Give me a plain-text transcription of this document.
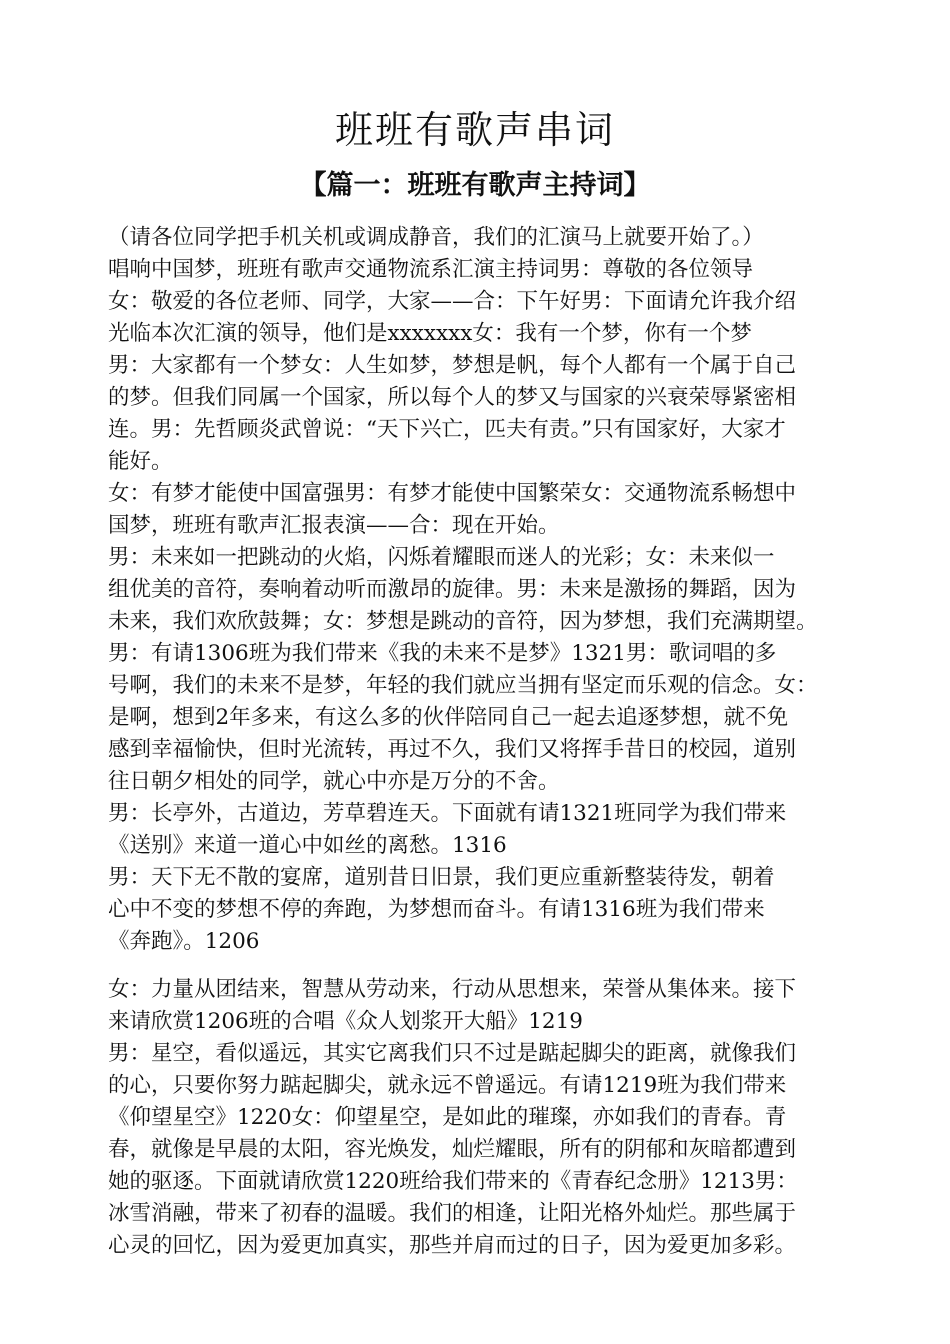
班班有歌声串词
【篇一：班班有歌声主持词】
（请各位同学把手机关机或调成静音，我们的汇演马上就要开始了。）
唱响中国梦，班班有歌声交通物流系汇演主持词男：尊敬的各位领导
女：敬爱的各位老师、同学，大家——合：下午好男：下面请允许我介绍
光临本次汇演的领导，他们是xxxxxxx女：我有一个梦，你有一个梦
男：大家都有一个梦女：人生如梦，梦想是帆，每个人都有一个属于自己
的梦。但我们同属一个国家，所以每个人的梦又与国家的兴衰荣辱紧密相
连。男：先哲顾炎武曾说：“天下兴亡，匹夫有责。”只有国家好，大家才
能好。
女：有梦才能使中国富强男：有梦才能使中国繁荣女：交通物流系畅想中
国梦，班班有歌声汇报表演——合：现在开始。
男：未来如一把跳动的火焰，闪烁着耀眼而迷人的光彩；女：未来似一
组优美的音符，奏响着动听而激昂的旋律。男：未来是激扬的舞蹈，因为
未来，我们欢欣鼓舞；女：梦想是跳动的音符，因为梦想，我们充满期望。
男：有请1306班为我们带来《我的未来不是梦》1321男：歌词唱的多
号啊，我们的未来不是梦，年轻的我们就应当拥有坚定而乐观的信念。女：
是啊，想到2年多来，有这么多的伙伴陪同自己一起去追逐梦想，就不免
感到幸福愉快，但时光流转，再过不久，我们又将挥手昔日的校园，道别
往日朝夕相处的同学，就心中亦是万分的不舍。
男：长亭外，古道边，芳草碧连天。下面就有请1321班同学为我们带来
《送别》来道一道心中如丝的离愁。1316
男：天下无不散的宴席，道别昔日旧景，我们更应重新整装待发，朝着
心中不变的梦想不停的奔跑，为梦想而奋斗。有请1316班为我们带来
《奔跑》。1206
女：力量从团结来，智慧从劳动来，行动从思想来，荣誉从集体来。接下
来请欣赏1206班的合唱《众人划浆开大船》1219
男：星空，看似遥远，其实它离我们只不过是踮起脚尖的距离，就像我们
的心，只要你努力踮起脚尖，就永远不曾遥远。有请1219班为我们带来
《仰望星空》1220女：仰望星空，是如此的璀璨，亦如我们的青春。青
春，就像是早晨的太阳，容光焕发，灿烂耀眼，所有的阴郁和灰暗都遭到
她的驱逐。下面就请欣赏1220班给我们带来的《青春纪念册》1213男：
冰雪消融，带来了初春的温暖。我们的相逢，让阳光格外灿烂。那些属于
心灵的回忆，因为爱更加真实，那些并肩而过的日子，因为爱更加多彩。
